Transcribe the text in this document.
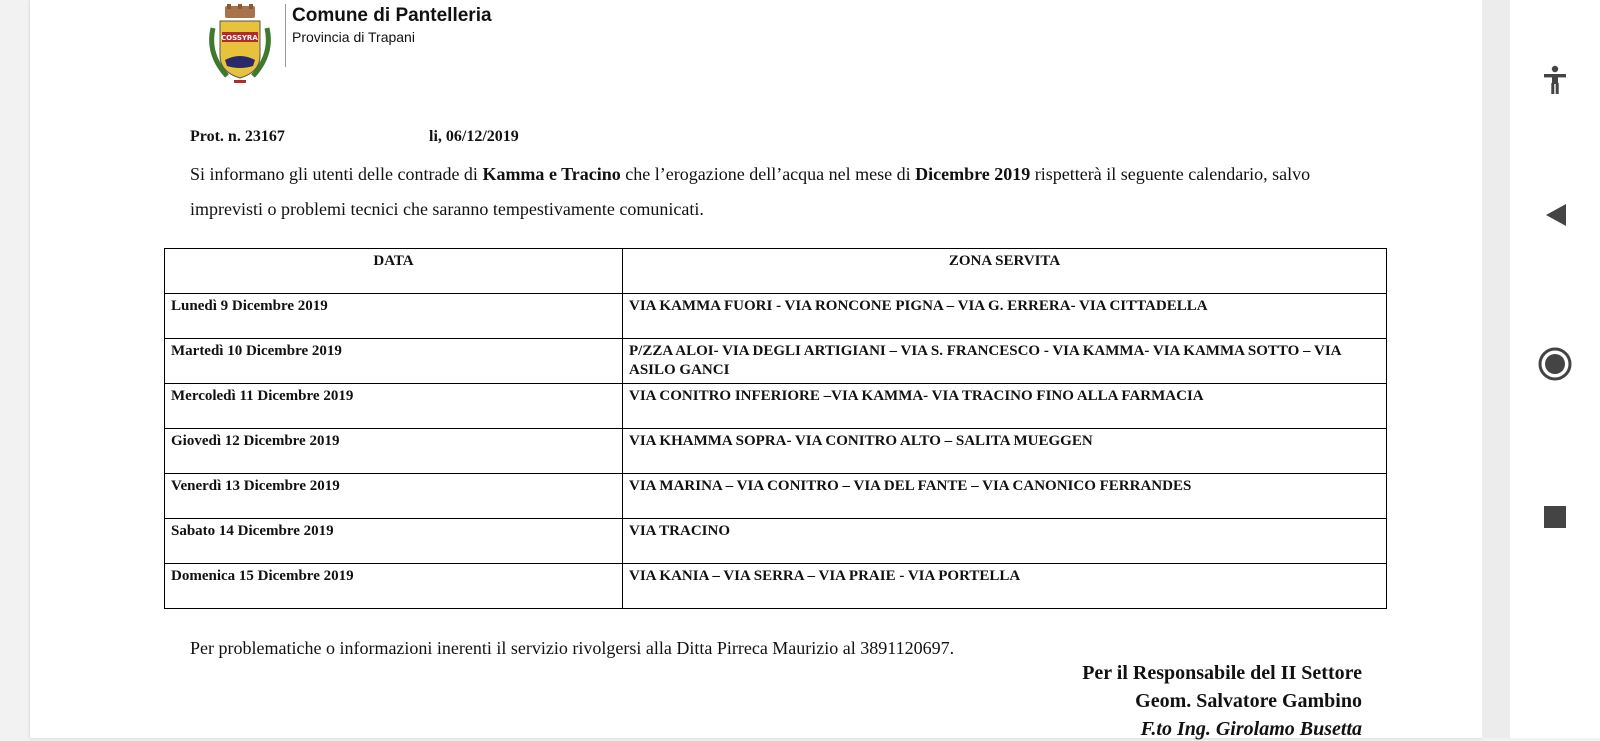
COSSYRA
Comune di Pantelleria
Provincia di Trapani
Prot. n. 23167	li, 06/12/2019
Si informano gli utenti delle contrade di Kamma e Tracino che l’erogazione dell’acqua nel mese di Dicembre 2019 rispetterà il seguente calendario, salvo imprevisti o problemi tecnici che saranno tempestivamente comunicati.
DATA	ZONA SERVITA
Lunedì 9 Dicembre 2019	VIA KAMMA FUORI - VIA RONCONE PIGNA – VIA G. ERRERA- VIA CITTADELLA
Martedì 10 Dicembre 2019	P/ZZA ALOI- VIA DEGLI ARTIGIANI – VIA S. FRANCESCO - VIA KAMMA- VIA KAMMA SOTTO – VIA ASILO GANCI
Mercoledì 11 Dicembre 2019	VIA CONITRO INFERIORE –VIA KAMMA- VIA TRACINO FINO ALLA FARMACIA
Giovedì 12 Dicembre 2019	VIA KHAMMA SOPRA- VIA CONITRO ALTO – SALITA MUEGGEN
Venerdì 13 Dicembre 2019	VIA MARINA – VIA CONITRO – VIA DEL FANTE – VIA CANONICO FERRANDES
Sabato 14 Dicembre 2019	VIA TRACINO
Domenica 15 Dicembre 2019	VIA KANIA – VIA SERRA – VIA PRAIE - VIA PORTELLA
Per problematiche o informazioni inerenti il servizio rivolgersi alla Ditta Pirreca Maurizio al 3891120697.
Per il Responsabile del II Settore
Geom. Salvatore Gambino
F.to Ing. Girolamo Busetta
